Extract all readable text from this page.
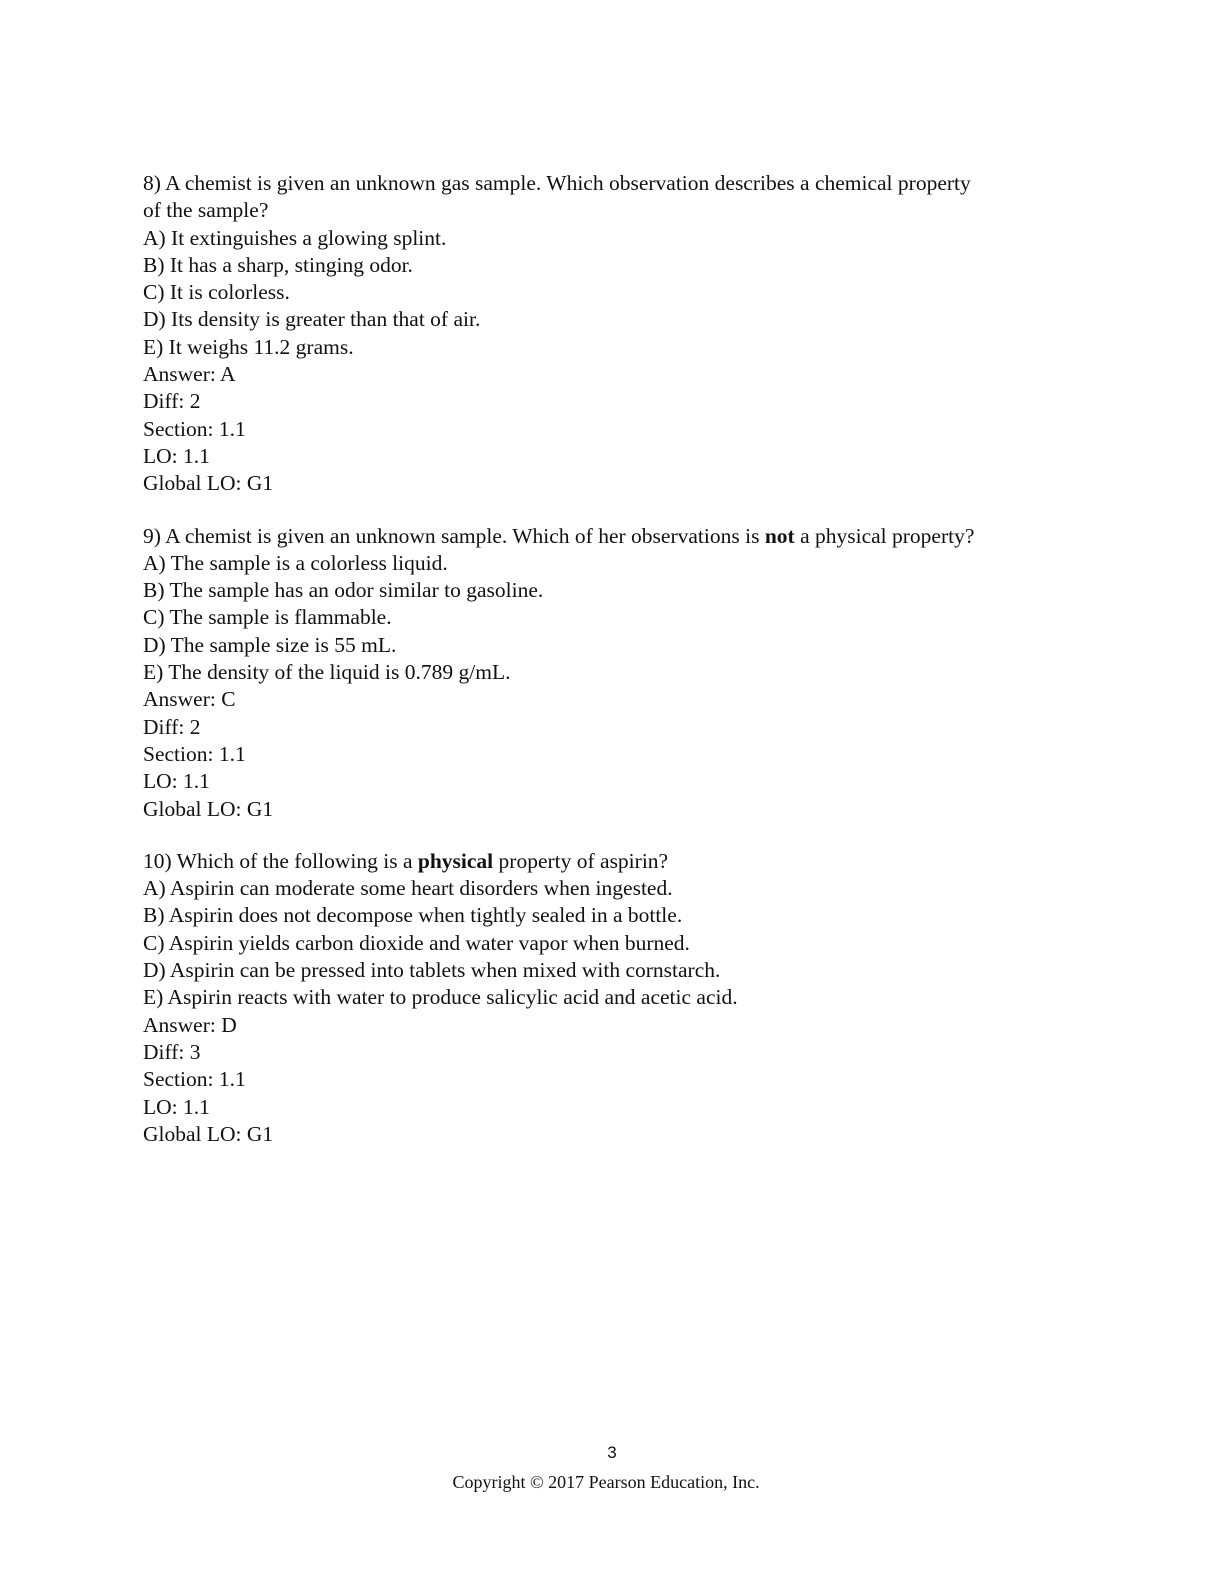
8) A chemist is given an unknown gas sample. Which observation describes a chemical property
of the sample?
A) It extinguishes a glowing splint.
B) It has a sharp, stinging odor.
C) It is colorless.
D) Its density is greater than that of air.
E) It weighs 11.2 grams.
Answer: A
Diff: 2
Section: 1.1
LO: 1.1
Global LO: G1
9) A chemist is given an unknown sample. Which of her observations is not a physical property?
A) The sample is a colorless liquid.
B) The sample has an odor similar to gasoline.
C) The sample is flammable.
D) The sample size is 55 mL.
E) The density of the liquid is 0.789 g/mL.
Answer: C
Diff: 2
Section: 1.1
LO: 1.1
Global LO: G1
10) Which of the following is a physical property of aspirin?
A) Aspirin can moderate some heart disorders when ingested.
B) Aspirin does not decompose when tightly sealed in a bottle.
C) Aspirin yields carbon dioxide and water vapor when burned.
D) Aspirin can be pressed into tablets when mixed with cornstarch.
E) Aspirin reacts with water to produce salicylic acid and acetic acid.
Answer: D
Diff: 3
Section: 1.1
LO: 1.1
Global LO: G1
3
Copyright © 2017 Pearson Education, Inc.
